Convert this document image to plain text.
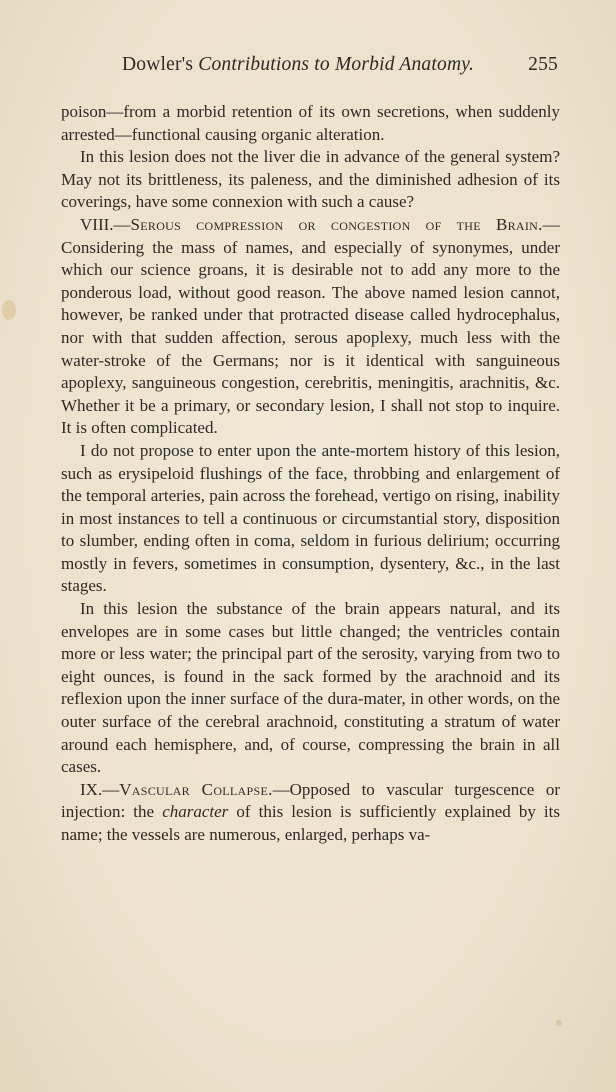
Dowler's Contributions to Morbid Anatomy.	255

poison—from a morbid retention of its own secretions, when suddenly arrested—functional causing organic alteration.

In this lesion does not the liver die in advance of the general system? May not its brittleness, its paleness, and the diminished adhesion of its coverings, have some connexion with such a cause?

VIII.—Serous compression or congestion of the Brain.— Considering the mass of names, and especially of synonymes, under which our science groans, it is desirable not to add any more to the ponderous load, without good reason. The above named lesion cannot, however, be ranked under that protracted disease called hydrocephalus, nor with that sudden affection, serous apoplexy, much less with the water-stroke of the Germans; nor is it identical with sanguineous apoplexy, sanguineous congestion, cerebritis, meningitis, arachnitis, &c. Whether it be a primary, or secondary lesion, I shall not stop to inquire. It is often complicated.

I do not propose to enter upon the ante-mortem history of this lesion, such as erysipeloid flushings of the face, throbbing and enlargement of the temporal arteries, pain across the forehead, vertigo on rising, inability in most instances to tell a continuous or circumstantial story, disposition to slumber, ending often in coma, seldom in furious delirium; occurring mostly in fevers, sometimes in consumption, dysentery, &c., in the last stages.

In this lesion the substance of the brain appears natural, and its envelopes are in some cases but little changed; the ventricles contain more or less water; the principal part of the serosity, varying from two to eight ounces, is found in the sack formed by the arachnoid and its reflexion upon the inner surface of the dura-mater, in other words, on the outer surface of the cerebral arachnoid, constituting a stratum of water around each hemisphere, and, of course, compressing the brain in all cases.

IX.—Vascular Collapse.—Opposed to vascular turgescence or injection: the character of this lesion is sufficiently explained by its name; the vessels are numerous, enlarged, perhaps va-
